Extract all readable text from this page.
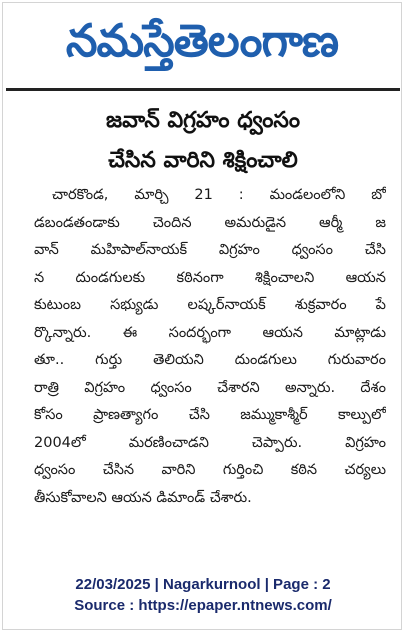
నమస్తే తెలంగాణ
జవాన్ విగ్రహం ధ్వంసం
చేసిన వారిని శిక్షించాలి
చారకొండ, మార్చి 21 : మండలంలోని బో
డబండతండాకు చెందిన అమరుడైన ఆర్మీ జ
వాన్ మహిపాల్‌నాయక్ విగ్రహం ధ్వంసం చేసి
న దుండగులకు కఠినంగా శిక్షించాలని ఆయన
కుటుంబ సభ్యుడు లష్కర్‌నాయక్ శుక్రవారం పే
ర్కొన్నారు. ఈ సందర్భంగా ఆయన మాట్లాడు
తూ.. గుర్తు తెలియని దుండగులు గురువారం
రాత్రి విగ్రహం ధ్వంసం చేశారని అన్నారు. దేశం
కోసం ప్రాణత్యాగం చేసి జమ్ముకాశ్మీర్ కాల్పులో
2004లో మరణించాడని చెప్పారు. విగ్రహం
ధ్వంసం చేసిన వారిని గుర్తించి కఠిన చర్యలు
తీసుకోవాలని ఆయన డిమాండ్ చేశారు.
22/03/2025 | Nagarkurnool | Page : 2
Source : https://epaper.ntnews.com/
